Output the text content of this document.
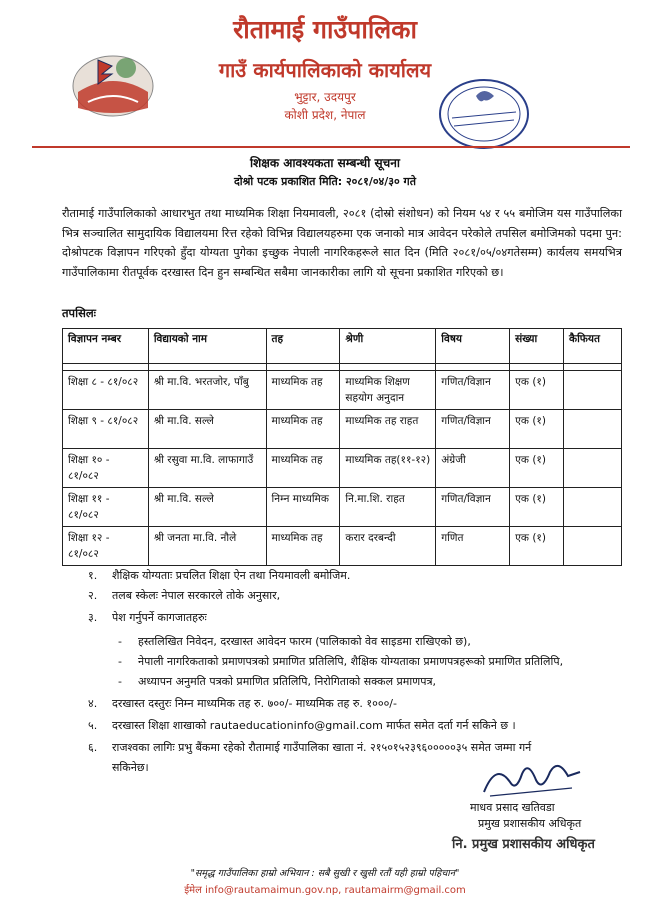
रौतामाई गाउँपालिका
गाउँ कार्यपालिकाको कार्यालय
भुट्टार, उदयपुर
कोशी प्रदेश, नेपाल
शिक्षक आवश्यकता सम्बन्धी सूचना
दोश्रो पटक प्रकाशित मिति: २०८१/०४/३० गते
रौतामाई गाउँपालिकाको आधारभुत तथा माध्यमिक शिक्षा नियमावली, २०८१ (दोस्रो संशोधन) को नियम ५४ र ५५ बमोजिम यस गाउँपालिका भित्र सञ्चालित सामुदायिक विद्यालयमा रित्त रहेको विभिन्न विद्यालयहरुमा एक जनाको मात्र आवेदन परेकोले तपसिल बमोजिमको पदमा पुन: दोश्रोपटक विज्ञापन गरिएको हुँदा योग्यता पुगेका इच्छुक नेपाली नागरिकहरूले सात दिन (मिति २०८१/०५/०४गतेसम्म) कार्यलय समयभित्र गाउँपालिकामा रीतपूर्वक दरखास्त दिन हुन सम्बन्धित सबैमा जानकारीका लागि यो सूचना प्रकाशित गरिएको छ।
तपसिलः
विज्ञापन नम्बर	विद्यायको नाम	तह	श्रेणी	विषय	संख्या	कैफियत

शिक्षा ८ - ८१/०८२	श्री मा.वि. भरतजोर, पाँबु	माध्यमिक तह	माध्यमिक शिक्षण सहयोग अनुदान	गणित/विज्ञान	एक (१)	
शिक्षा ९ - ८१/०८२	श्री मा.वि. सल्ले	माध्यमिक तह	माध्यमिक तह राहत	गणित/विज्ञान	एक (१)	
शिक्षा १० - ८१/०८२	श्री रसुवा मा.वि. लाफागाउँ	माध्यमिक तह	माध्यमिक तह(११-१२)	अंग्रेजी	एक (१)	
शिक्षा ११ - ८१/०८२	श्री मा.वि. सल्ले	निम्न माध्यमिक	नि.मा.शि. राहत	गणित/विज्ञान	एक (१)	
शिक्षा १२ - ८१/०८२	श्री जनता मा.वि. नौले	माध्यमिक तह	करार दरबन्दी	गणित	एक (१)	
१. शैक्षिक योग्यताः प्रचलित शिक्षा ऐन तथा नियमावली बमोजिम.
२. तलब स्केलः नेपाल सरकारले तोके अनुसार,
३. पेश गर्नुपर्ने कागजातहरुः
- हस्तलिखित निवेदन, दरखास्त आवेदन फारम (पालिकाको वेव साइडमा राखिएको छ),
- नेपाली नागरिकताको प्रमाणपत्रको प्रमाणित प्रतिलिपि, शैक्षिक योग्यताका प्रमाणपत्रहरूको प्रमाणित प्रतिलिपि,
- अध्यापन अनुमति पत्रको प्रमाणित प्रतिलिपि, निरोगिताको सक्कल प्रमाणपत्र,
४. दरखास्त दस्तुरः निम्न माध्यमिक तह रु. ७००/- माध्यमिक तह रु. १०००/-
५. दरखास्त शिक्षा शाखाको rautaeducationinfo@gmail.com मार्फत समेत दर्ता गर्न सकिने छ ।
६. राजश्वका लागिः प्रभु बैंकमा रहेको रौतामाई गाउँपालिका खाता नं. २१५०१५२३९६०००००३५ समेत जम्मा गर्न
सकिनेछ।
माधव प्रसाद खतिवडा
प्रमुख प्रशासकीय अधिकृत
नि. प्रमुख प्रशासकीय अधिकृत
"समृद्ध गाउँपालिका हाम्रो अभियान : सबै सुखी र खुसी रतौं यही हाम्रो पहिचान"
ईमेल info@rautamaimun.gov.np, rautamairm@gmail.com
